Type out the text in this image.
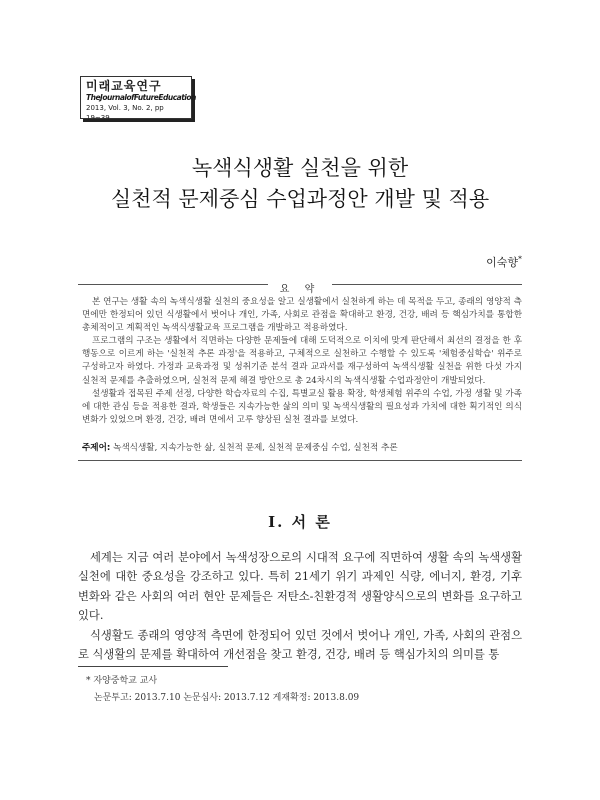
미래교육연구
TheJournalofFutureEducation
2013, Vol. 3, No. 2, pp 19~39
녹색식생활 실천을 위한
실천적 문제중심 수업과정안 개발 및 적용
이숙향*
요 약

본 연구는 생활 속의 녹색식생활 실천의 중요성을 알고 실생활에서 실천하게 하는 데 목적을 두고, 종래의 영양적 측면에만 한정되어 있던 식생활에서 벗어나 개인, 가족, 사회로 관점을 확대하고 환경, 건강, 배려 등 핵심가치를 통합한 총체적이고 계획적인 녹색식생활교육 프로그램을 개발하고 적용하였다.

프로그램의 구조는 생활에서 직면하는 다양한 문제들에 대해 도덕적으로 이치에 맞게 판단해서 최선의 결정을 한 후 행동으로 이르게 하는 '실천적 추론 과정'을 적용하고, 구체적으로 실천하고 수행할 수 있도록 '체험중심학습' 위주로 구성하고자 하였다. 가정과 교육과정 및 성취기준 분석 결과 교과서를 재구성하여 녹색식생활 실천을 위한 다섯 가지 실천적 문제를 추출하였으며, 실천적 문제 해결 방안으로 총 24차시의 녹색식생활 수업과정안이 개발되었다.

설생활과 접목된 주제 선정, 다양한 학습자료의 수집, 특별교실 활용 확장, 학생체험 위주의 수업, 가정 생활 및 가족에 대한 관심 등을 적용한 결과, 학생들은 지속가능한 삶의 의미 및 녹색식생활의 필요성과 가치에 대한 획기적인 의식 변화가 있었으며 환경, 건강, 배려 면에서 고루 향상된 실천 결과를 보였다.

주제어: 녹색식생활, 지속가능한 삶, 실천적 문제, 실천적 문제중심 수업, 실천적 추론
Ⅰ. 서 론

세계는 지금 여러 분야에서 녹색성장으로의 시대적 요구에 직면하여 생활 속의 녹색생활 실천에 대한 중요성을 강조하고 있다. 특히 21세기 위기 과제인 식량, 에너지, 환경, 기후 변화와 같은 사회의 여러 현안 문제들은 저탄소-친환경적 생활양식으로의 변화를 요구하고 있다.

식생활도 종래의 영양적 측면에 한정되어 있던 것에서 벗어나 개인, 가족, 사회의 관점으로 식생활의 문제를 확대하여 개선점을 찾고 환경, 건강, 배려 등 핵심가치의 의미를 통

* 자양중학교 교사
논문투고: 2013.7.10 논문심사: 2013.7.12 게재확정: 2013.8.09
